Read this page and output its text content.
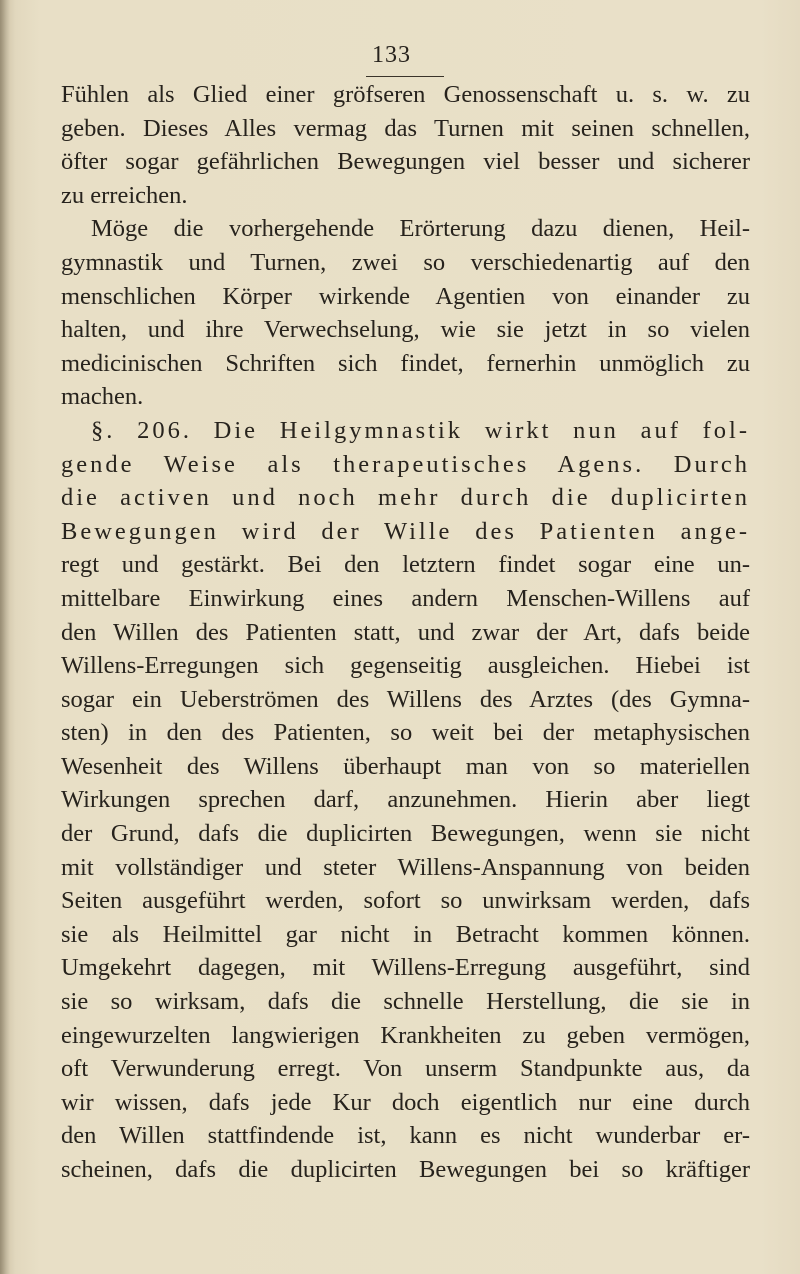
133
Fühlen als Glied einer gröfseren Genossenschaft u. s. w. zu
geben. Dieses Alles vermag das Turnen mit seinen schnellen,
öfter sogar gefährlichen Bewegungen viel besser und sicherer
zu erreichen.
Möge die vorhergehende Erörterung dazu dienen, Heil-
gymnastik und Turnen, zwei so verschiedenartig auf den
menschlichen Körper wirkende Agentien von einander zu
halten, und ihre Verwechselung, wie sie jetzt in so vielen
medicinischen Schriften sich findet, fernerhin unmöglich zu
machen.
§. 206. Die Heilgymnastik wirkt nun auf fol-
gende Weise als therapeutisches Agens. Durch
die activen und noch mehr durch die duplicirten
Bewegungen wird der Wille des Patienten ange-
regt und gestärkt. Bei den letztern findet sogar eine un-
mittelbare Einwirkung eines andern Menschen-Willens auf
den Willen des Patienten statt, und zwar der Art, dafs beide
Willens-Erregungen sich gegenseitig ausgleichen. Hiebei ist
sogar ein Ueberströmen des Willens des Arztes (des Gymna-
sten) in den des Patienten, so weit bei der metaphysischen
Wesenheit des Willens überhaupt man von so materiellen
Wirkungen sprechen darf, anzunehmen. Hierin aber liegt
der Grund, dafs die duplicirten Bewegungen, wenn sie nicht
mit vollständiger und steter Willens-Anspannung von beiden
Seiten ausgeführt werden, sofort so unwirksam werden, dafs
sie als Heilmittel gar nicht in Betracht kommen können.
Umgekehrt dagegen, mit Willens-Erregung ausgeführt, sind
sie so wirksam, dafs die schnelle Herstellung, die sie in
eingewurzelten langwierigen Krankheiten zu geben vermögen,
oft Verwunderung erregt. Von unserm Standpunkte aus, da
wir wissen, dafs jede Kur doch eigentlich nur eine durch
den Willen stattfindende ist, kann es nicht wunderbar er-
scheinen, dafs die duplicirten Bewegungen bei so kräftiger
